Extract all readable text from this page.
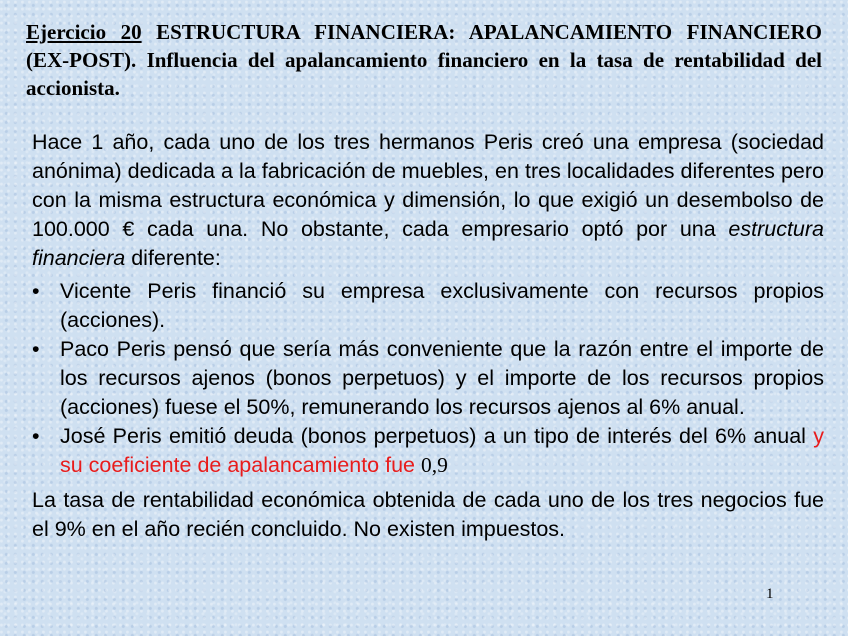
Ejercicio 20 ESTRUCTURA FINANCIERA: APALANCAMIENTO FINANCIERO (EX-POST). Influencia del apalancamiento financiero en la tasa de rentabilidad del accionista.
Hace 1 año, cada uno de los tres hermanos Peris creó una empresa (sociedad anónima) dedicada a la fabricación de muebles, en tres localidades diferentes pero con la misma estructura económica y dimensión, lo que exigió un desembolso de 100.000 € cada una. No obstante, cada empresario optó por una estructura financiera diferente:
• Vicente Peris financió su empresa exclusivamente con recursos propios (acciones).
• Paco Peris pensó que sería más conveniente que la razón entre el importe de los recursos ajenos (bonos perpetuos) y el importe de los recursos propios (acciones) fuese el 50%, remunerando los recursos ajenos al 6% anual.
• José Peris emitió deuda (bonos perpetuos) a un tipo de interés del 6% anual y su coeficiente de apalancamiento fue 0,9
La tasa de rentabilidad económica obtenida de cada uno de los tres negocios fue el 9% en el año recién concluido. No existen impuestos.
1
